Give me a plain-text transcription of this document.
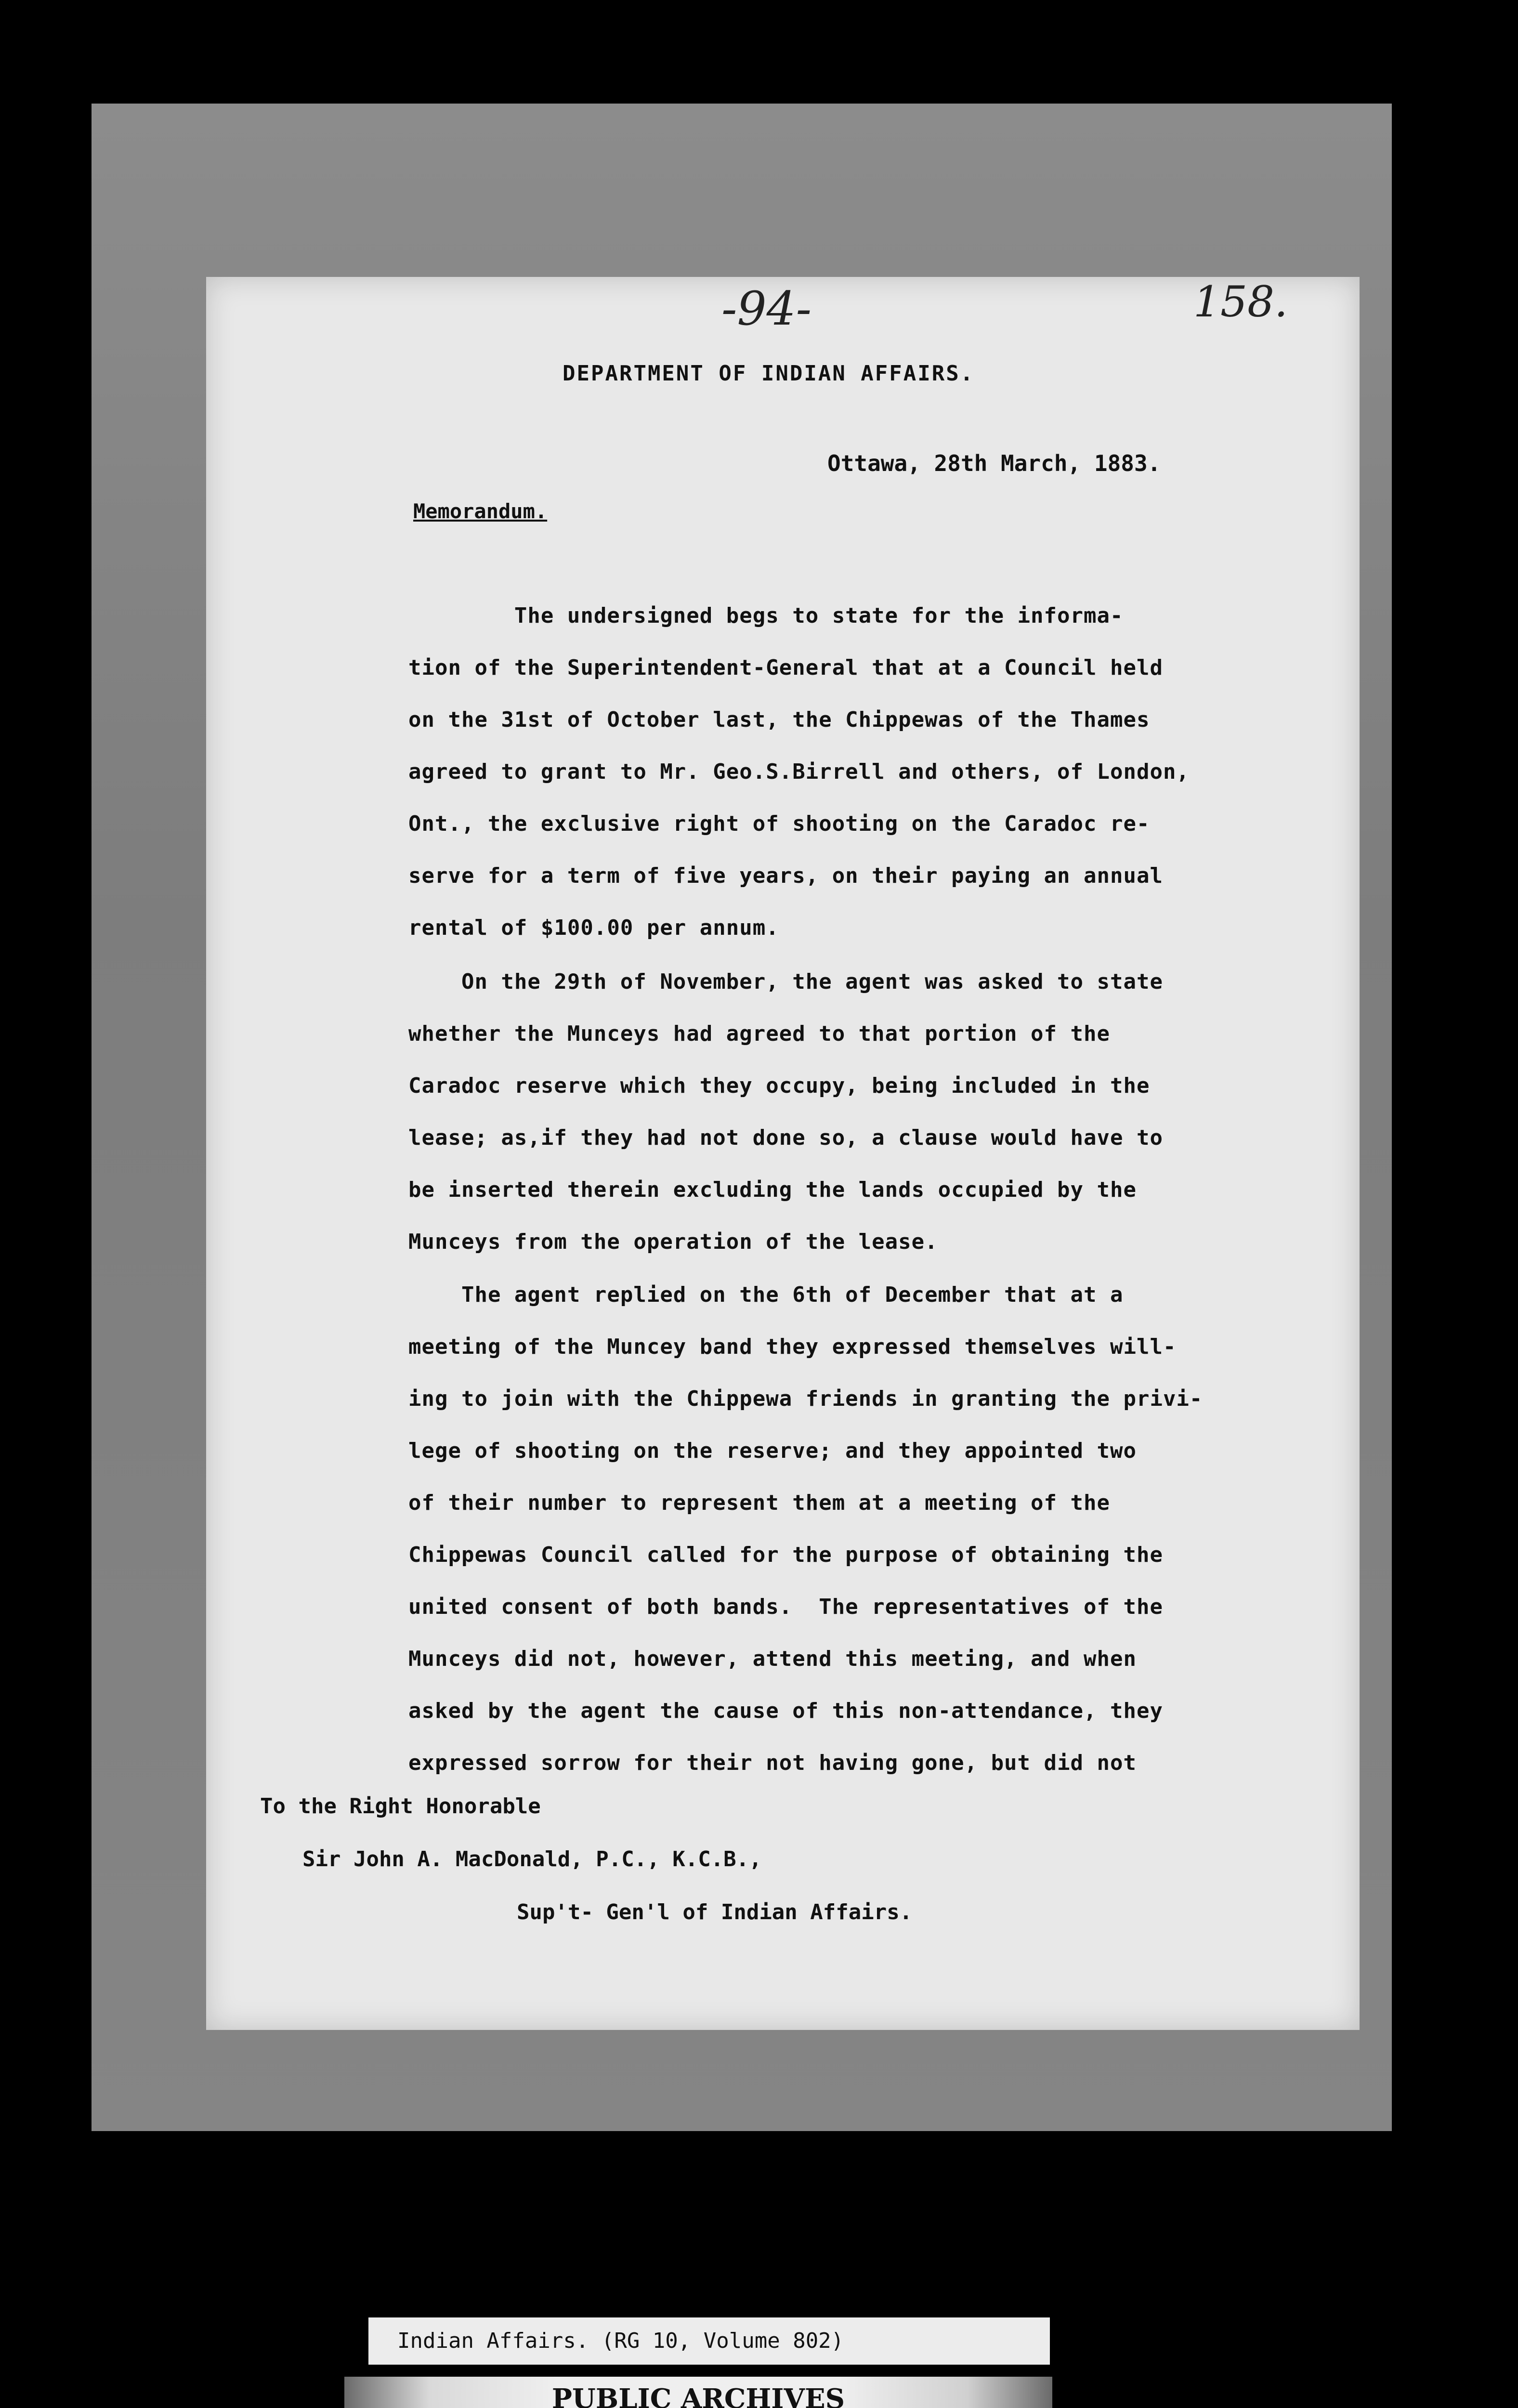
-94-	158.
DEPARTMENT OF INDIAN AFFAIRS.
Ottawa, 28th March, 1883.
Memorandum.
The undersigned begs to state for the informa-
tion of the Superintendent-General that at a Council held
on the 31st of October last, the Chippewas of the Thames
agreed to grant to Mr. Geo.S.Birrell and others, of London,
Ont., the exclusive right of shooting on the Caradoc re-
serve for a term of five years, on their paying an annual
rental of $100.00 per annum.
On the 29th of November, the agent was asked to state
whether the Munceys had agreed to that portion of the
Caradoc reserve which they occupy, being included in the
lease; as,if they had not done so, a clause would have to
be inserted therein excluding the lands occupied by the
Munceys from the operation of the lease.
The agent replied on the 6th of December that at a
meeting of the Muncey band they expressed themselves will-
ing to join with the Chippewa friends in granting the privi-
lege of shooting on the reserve; and they appointed two
of their number to represent them at a meeting of the
Chippewas Council called for the purpose of obtaining the
united consent of both bands.  The representatives of the
Munceys did not, however, attend this meeting, and when
asked by the agent the cause of this non-attendance, they
expressed sorrow for their not having gone, but did not
To the Right Honorable
Sir John A. MacDonald, P.C., K.C.B.,
Sup't- Gen'l of Indian Affairs.
Indian Affairs. (RG 10, Volume 802)
PUBLIC ARCHIVES
